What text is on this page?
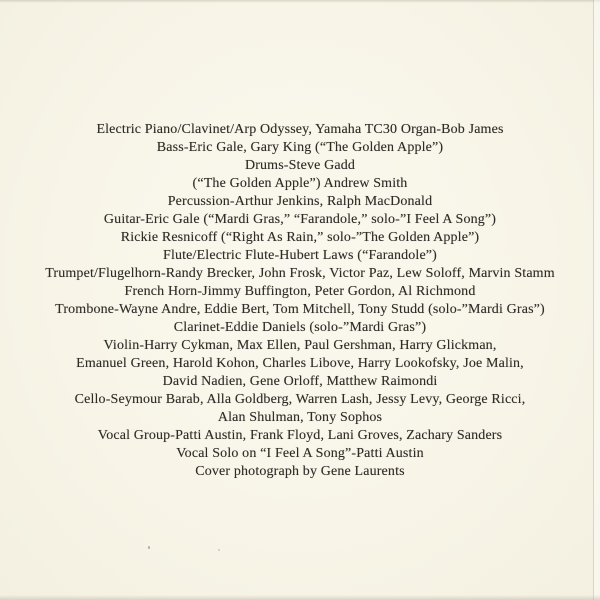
Electric Piano/Clavinet/Arp Odyssey, Yamaha TC30 Organ-Bob James

Bass-Eric Gale, Gary King (“The Golden Apple”)

Drums-Steve Gadd

(“The Golden Apple”) Andrew Smith

Percussion-Arthur Jenkins, Ralph MacDonald

Guitar-Eric Gale (“Mardi Gras,” “Farandole,” solo-”I Feel A Song”)

Rickie Resnicoff (“Right As Rain,” solo-”The Golden Apple”)

Flute/Electric Flute-Hubert Laws (“Farandole”)

Trumpet/Flugelhorn-Randy Brecker, John Frosk, Victor Paz, Lew Soloff, Marvin Stamm

French Horn-Jimmy Buffington, Peter Gordon, Al Richmond

Trombone-Wayne Andre, Eddie Bert, Tom Mitchell, Tony Studd (solo-”Mardi Gras”)

Clarinet-Eddie Daniels (solo-”Mardi Gras”)

Violin-Harry Cykman, Max Ellen, Paul Gershman, Harry Glickman,

Emanuel Green, Harold Kohon, Charles Libove, Harry Lookofsky, Joe Malin,

David Nadien, Gene Orloff, Matthew Raimondi

Cello-Seymour Barab, Alla Goldberg, Warren Lash, Jessy Levy, George Ricci,

Alan Shulman, Tony Sophos

Vocal Group-Patti Austin, Frank Floyd, Lani Groves, Zachary Sanders

Vocal Solo on “I Feel A Song”-Patti Austin

Cover photograph by Gene Laurents
